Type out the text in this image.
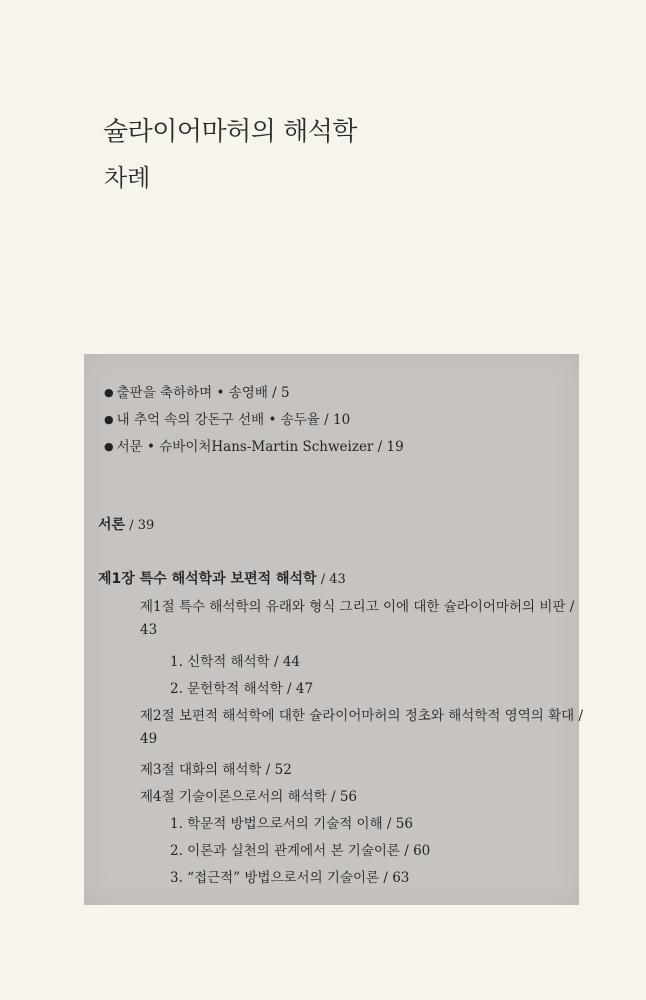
슐라이어마허의 해석학
차례
● 출판을 축하하며 • 송영배 / 5
● 내 추억 속의 강돈구 선배 • 송두율 / 10
● 서문 • 슈바이처Hans-Martin Schweizer / 19
서론 / 39
제1장 특수 해석학과 보편적 해석학 / 43
제1절 특수 해석학의 유래와 형식 그리고 이에 대한 슐라이어마허의 비판 /
43
1. 신학적 해석학 / 44
2. 문헌학적 해석학 / 47
제2절 보편적 해석학에 대한 슐라이어마허의 정초와 해석학적 영역의 확대 /
49
제3절 대화의 해석학 / 52
제4절 기술이론으로서의 해석학 / 56
1. 학문적 방법으로서의 기술적 이해 / 56
2. 이론과 실천의 관계에서 본 기술이론 / 60
3. “접근적” 방법으로서의 기술이론 / 63
